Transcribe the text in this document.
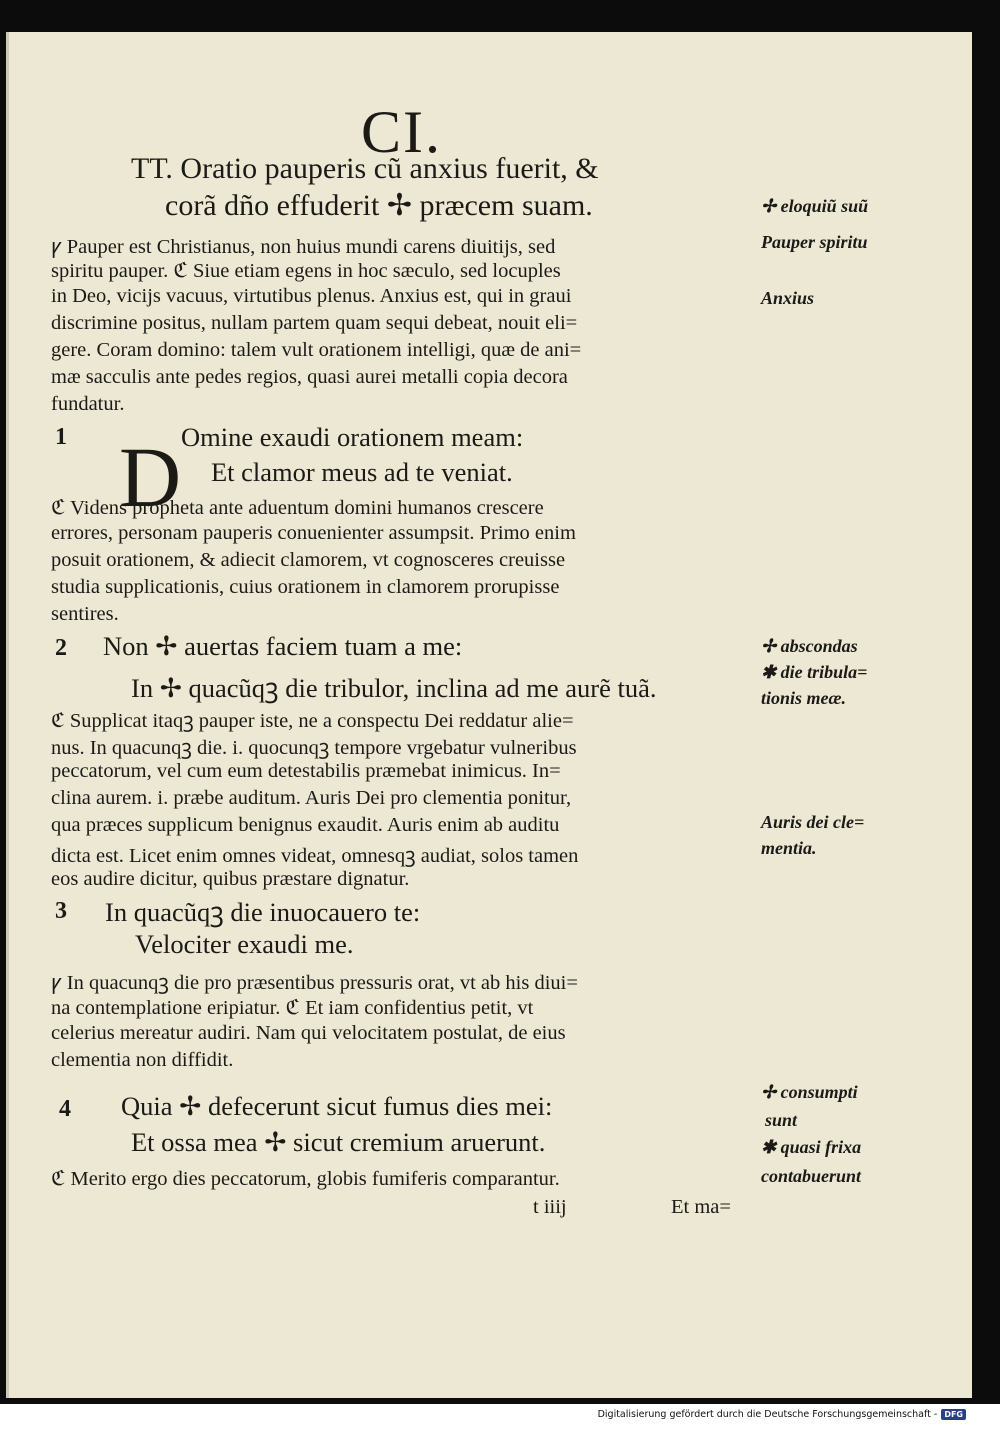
CI.
TT. Oratio pauperis cũ anxius fuerit, &
corã dño effuderit ✢ præcem suam.
ꝩ Pauper est Christianus, non huius mundi carens diuitijs, sed
spiritu pauper. ℭ Siue etiam egens in hoc sæculo, sed locuples
in Deo, vicijs vacuus, virtutibus plenus. Anxius est, qui in graui
discrimine positus, nullam partem quam sequi debeat, nouit eli=
gere. Coram domino: talem vult orationem intelligi, quæ de ani=
mæ sacculis ante pedes regios, quasi aurei metalli copia decora
fundatur.
1 D Omine exaudi orationem meam:
Et clamor meus ad te veniat.
ℭ Videns propheta ante aduentum domini humanos crescere
errores, personam pauperis conuenienter assumpsit. Primo enim
posuit orationem, & adiecit clamorem, vt cognosceres creuisse
studia supplicationis, cuius orationem in clamorem prorupisse
sentires.
2 Non ✢ auertas faciem tuam a me:
In ✢ quacũqꝫ die tribulor, inclina ad me aurẽ tuã.
ℭ Supplicat itaqꝫ pauper iste, ne a conspectu Dei reddatur alie=
nus. In quacunqꝫ die. i. quocunqꝫ tempore vrgebatur vulneribus
peccatorum, vel cum eum detestabilis præmebat inimicus. In=
clina aurem. i. præbe auditum. Auris Dei pro clementia ponitur,
qua præces supplicum benignus exaudit. Auris enim ab auditu
dicta est. Licet enim omnes videat, omnesqꝫ audiat, solos tamen
eos audire dicitur, quibus præstare dignatur.
3 In quacũqꝫ die inuocauero te:
Velociter exaudi me.
ꝩ In quacunqꝫ die pro præsentibus pressuris orat, vt ab his diui=
na contemplatione eripiatur. ℭ Et iam confidentius petit, vt
celerius mereatur audiri. Nam qui velocitatem postulat, de eius
clementia non diffidit.
4 Quia ✢ defecerunt sicut fumus dies mei:
Et ossa mea ✢ sicut cremium aruerunt.
ℭ Merito ergo dies peccatorum, globis fumiferis comparantur.
t iiij	Et ma=
✢ eloquiũ suũ
Pauper spiritu
Anxius
✢ abscondas
✱ die tribula=
tionis meæ.
Auris dei cle=
mentia.
✢ consumpti
sunt
✱ quasi frixa
contabuerunt
Digitalisierung gefördert durch die Deutsche Forschungsgemeinschaft - DFG
